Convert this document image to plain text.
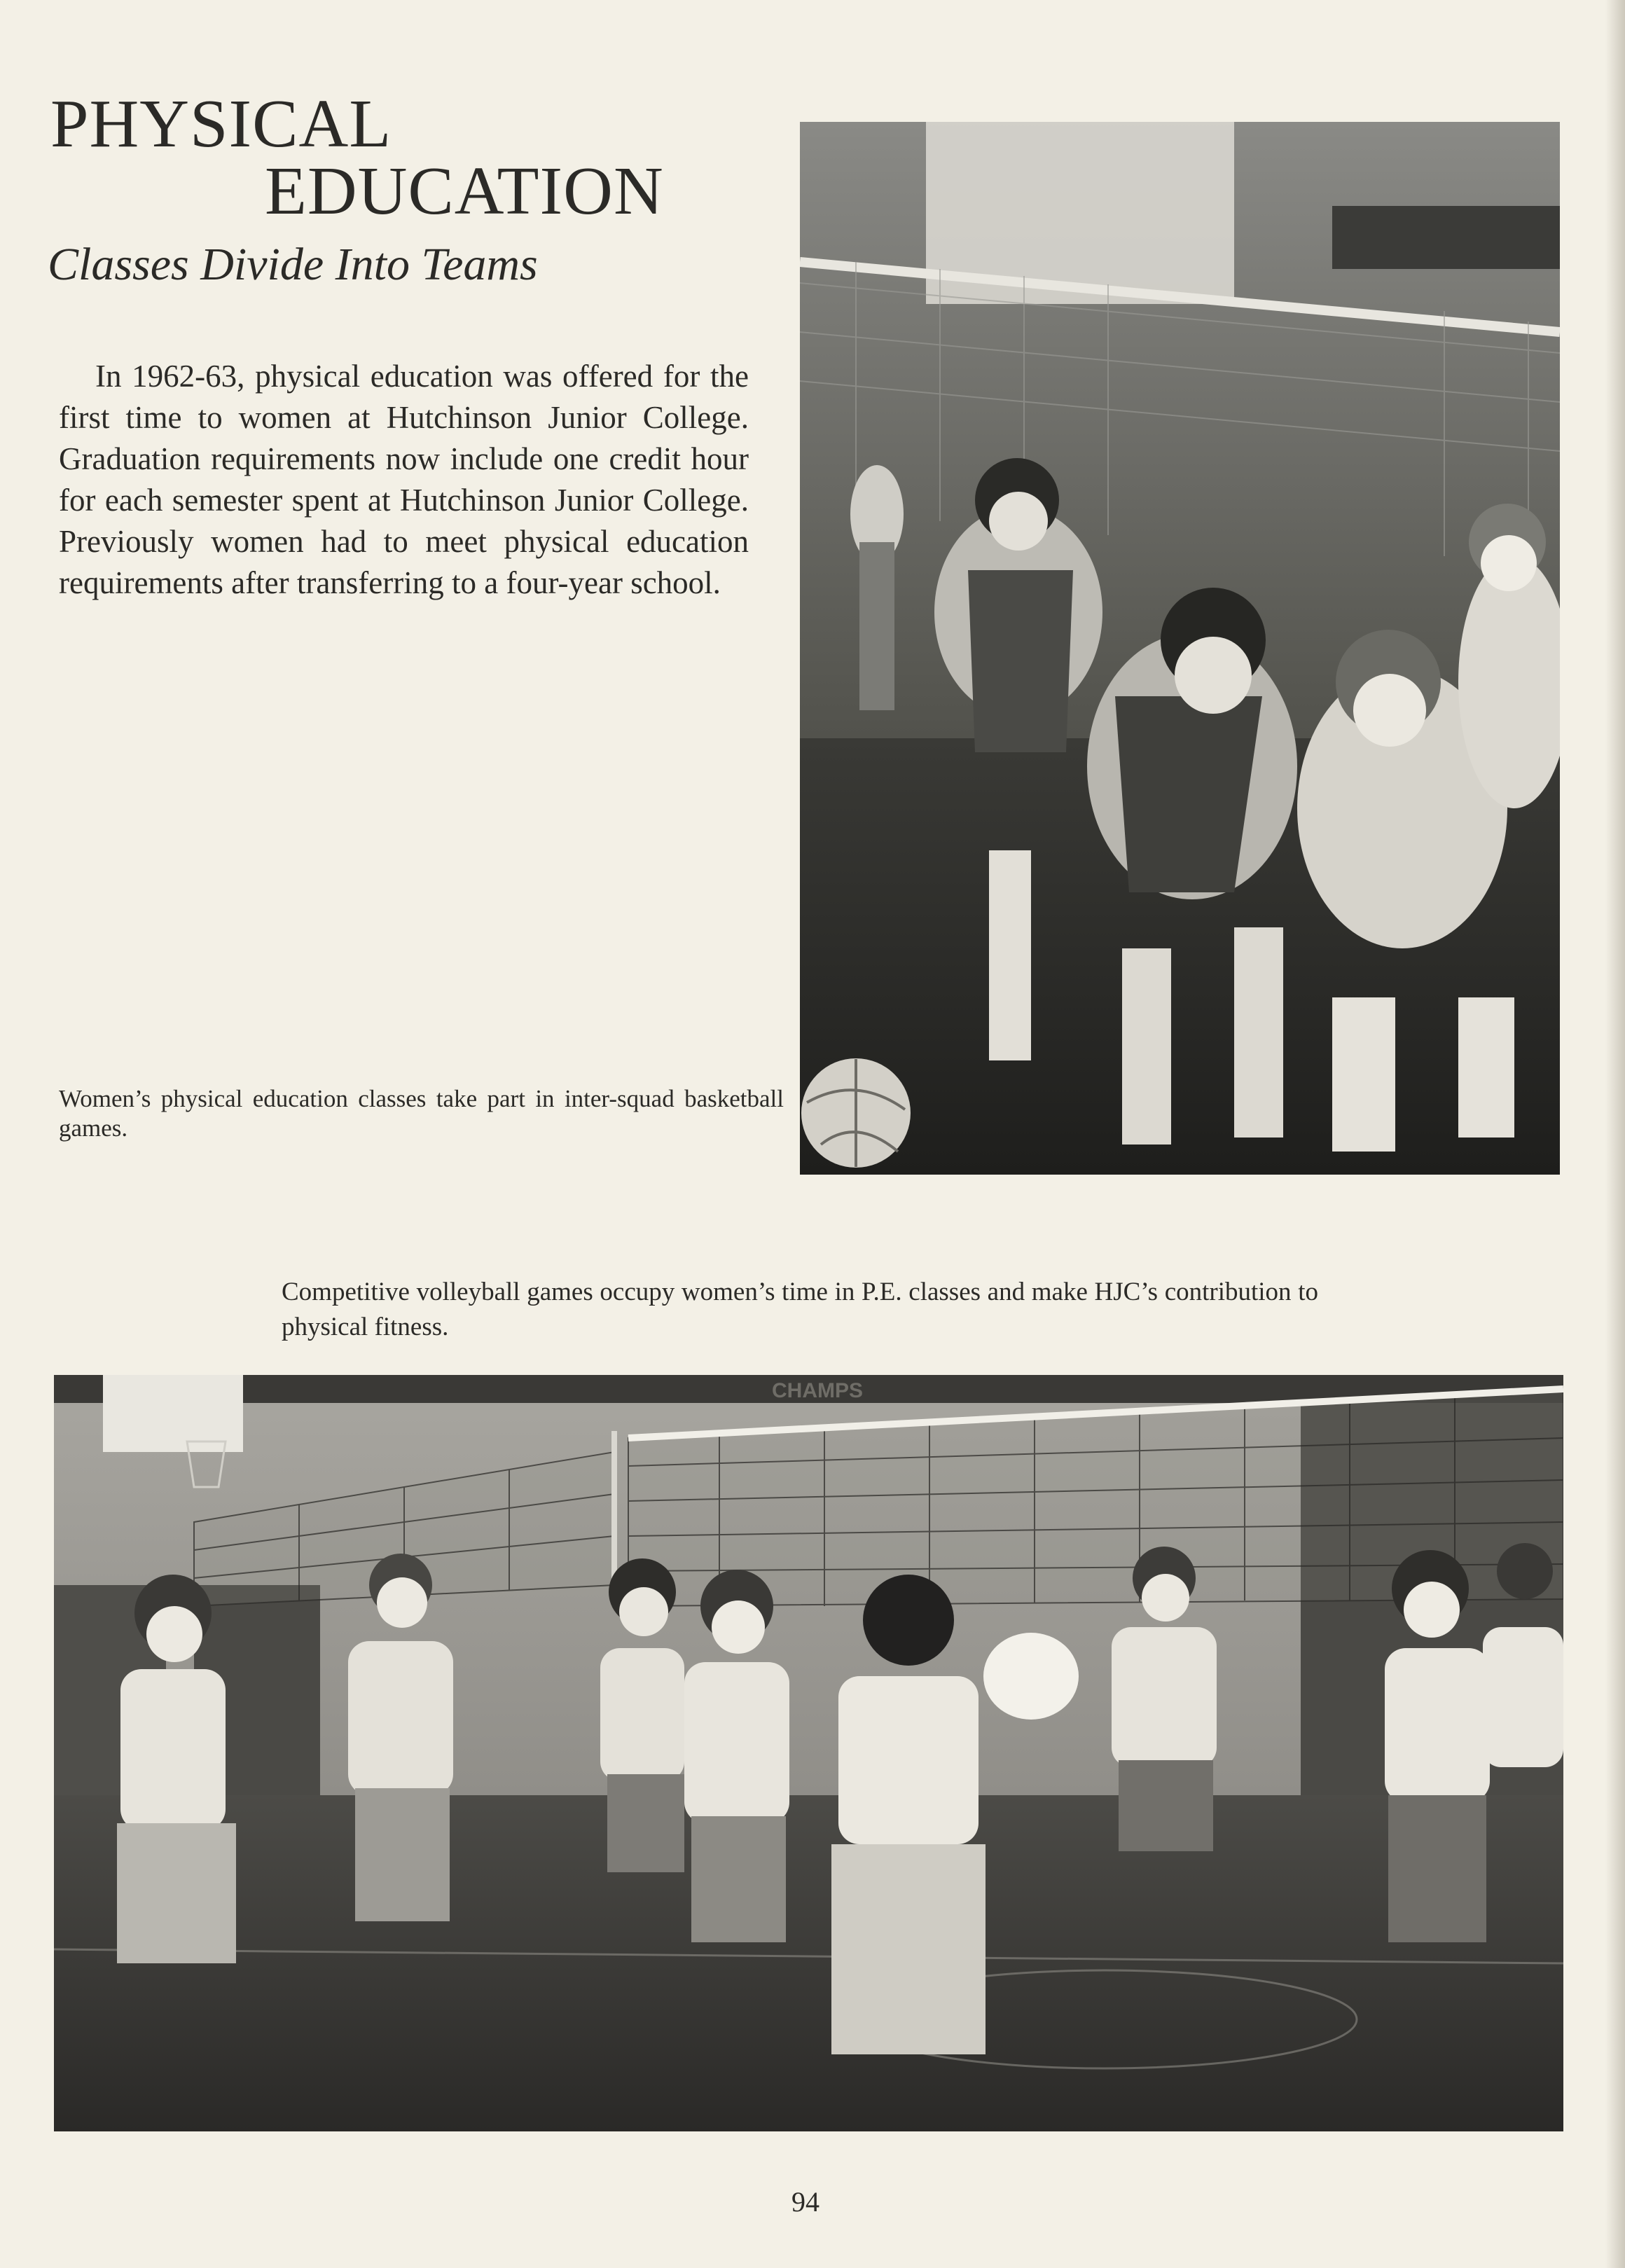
PHYSICAL
EDUCATION
Classes Divide Into Teams

In 1962-63, physical education was offered for the first time to women at Hutchinson Junior College. Graduation requirements now include one credit hour for each semester spent at Hutchinson Junior College. Previously women had to meet physical education requirements after transferring to a four-year school.

Women’s physical education classes take part in inter-squad basketball games.

Competitive volleyball games occupy women’s time in P.E. classes and make HJC’s contribution to physical fitness.

CHAMPS

94
